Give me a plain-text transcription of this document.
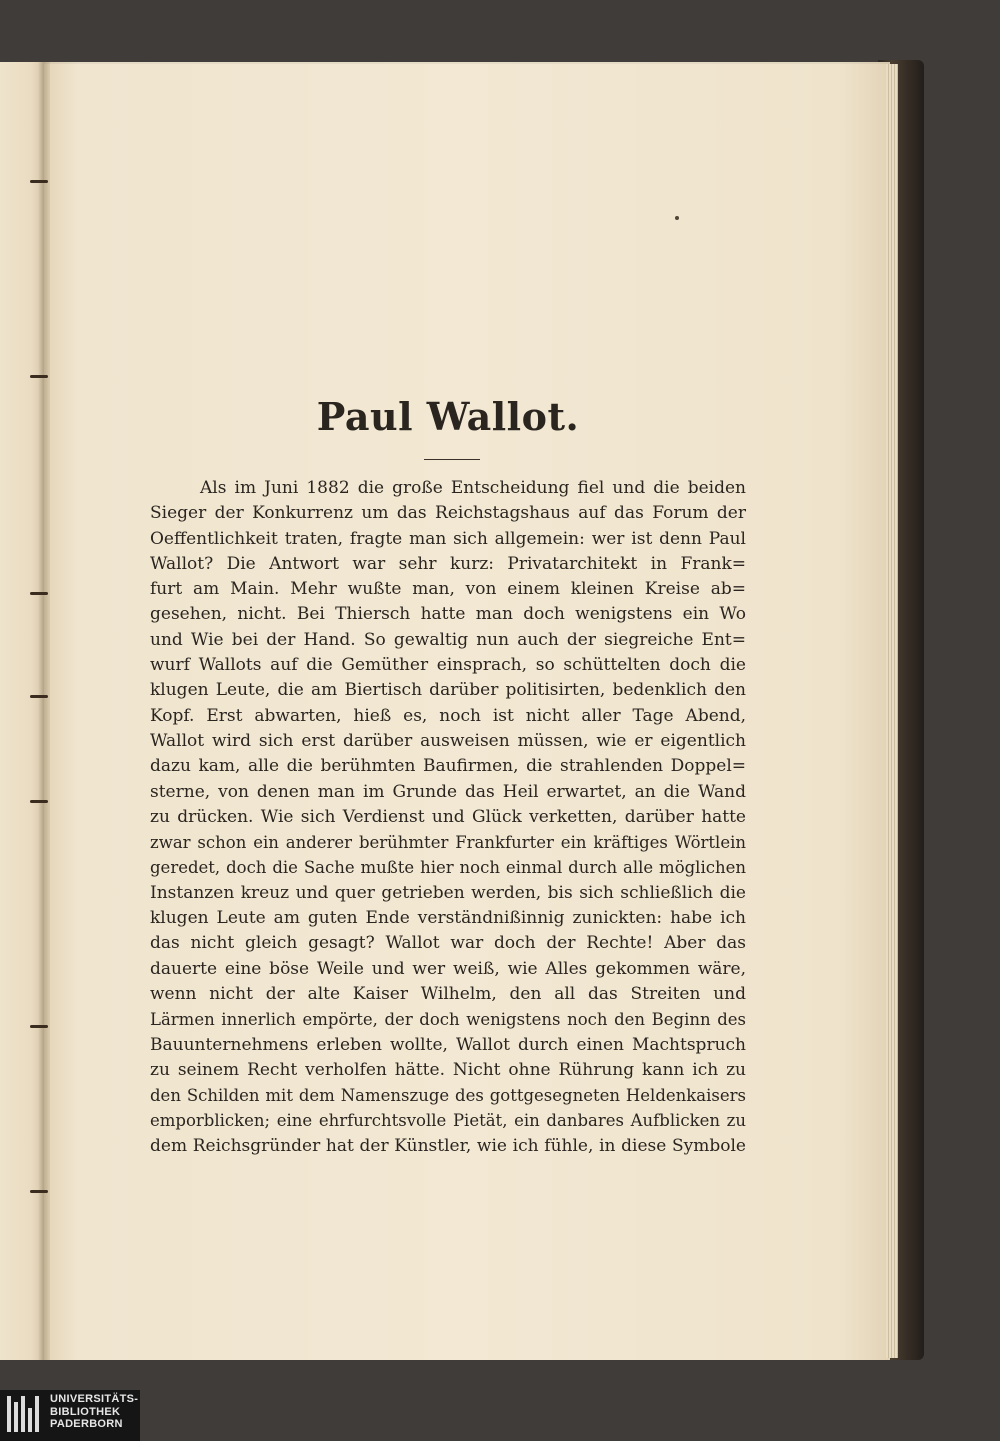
Paul Wallot.
Als im Juni 1882 die große Entscheidung fiel und die beiden
Sieger der Konkurrenz um das Reichstagshaus auf das Forum der
Oeffentlichkeit traten, fragte man sich allgemein: wer ist denn Paul
Wallot? Die Antwort war sehr kurz: Privatarchitekt in Frank=
furt am Main. Mehr wußte man, von einem kleinen Kreise ab=
gesehen, nicht. Bei Thiersch hatte man doch wenigstens ein Wo
und Wie bei der Hand. So gewaltig nun auch der siegreiche Ent=
wurf Wallots auf die Gemüther einsprach, so schüttelten doch die
klugen Leute, die am Biertisch darüber politisirten, bedenklich den
Kopf. Erst abwarten, hieß es, noch ist nicht aller Tage Abend,
Wallot wird sich erst darüber ausweisen müssen, wie er eigentlich
dazu kam, alle die berühmten Baufirmen, die strahlenden Doppel=
sterne, von denen man im Grunde das Heil erwartet, an die Wand
zu drücken. Wie sich Verdienst und Glück verketten, darüber hatte
zwar schon ein anderer berühmter Frankfurter ein kräftiges Wörtlein
geredet, doch die Sache mußte hier noch einmal durch alle möglichen
Instanzen kreuz und quer getrieben werden, bis sich schließlich die
klugen Leute am guten Ende verständnißinnig zunickten: habe ich
das nicht gleich gesagt? Wallot war doch der Rechte! Aber das
dauerte eine böse Weile und wer weiß, wie Alles gekommen wäre,
wenn nicht der alte Kaiser Wilhelm, den all das Streiten und
Lärmen innerlich empörte, der doch wenigstens noch den Beginn des
Bauunternehmens erleben wollte, Wallot durch einen Machtspruch
zu seinem Recht verholfen hätte. Nicht ohne Rührung kann ich zu
den Schilden mit dem Namenszuge des gottgesegneten Heldenkaisers
emporblicken; eine ehrfurchtsvolle Pietät, ein danbares Aufblicken zu
dem Reichsgründer hat der Künstler, wie ich fühle, in diese Symbole
UNIVERSITÄTS-
BIBLIOTHEK
PADERBORN
